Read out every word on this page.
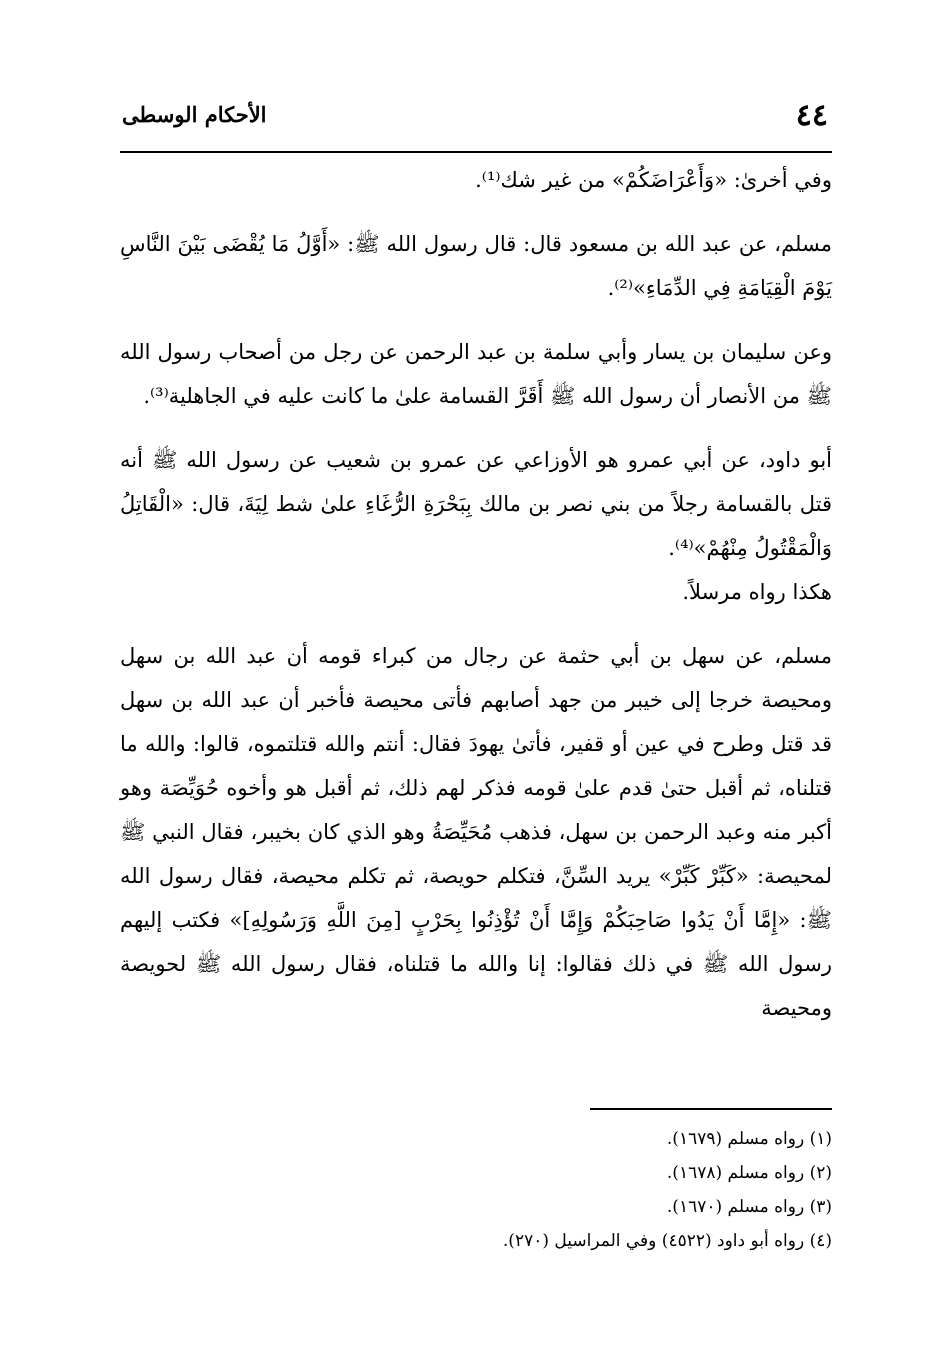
٤٤
الأحكام الوسطى

وفي أخرىٰ: «وَأَعْرَاضَكُمْ» من غير شك⁽¹⁾.

مسلم، عن عبد الله بن مسعود قال: قال رسول الله ﷺ: «أَوَّلُ مَا يُقْضَى بَيْنَ النَّاسِ يَوْمَ الْقِيَامَةِ فِي الدِّمَاءِ»⁽²⁾.

وعن سليمان بن يسار وأبي سلمة بن عبد الرحمن عن رجل من أصحاب رسول الله ﷺ من الأنصار أن رسول الله ﷺ أَقَرَّ القسامة علىٰ ما كانت عليه في الجاهلية⁽³⁾.

أبو داود، عن أبي عمرو هو الأوزاعي عن عمرو بن شعيب عن رسول الله ﷺ أنه قتل بالقسامة رجلاً من بني نصر بن مالك بِبَحْرَةِ الرُّغَاءِ علىٰ شط لِيَةَ، قال: «الْقَاتِلُ وَالْمَقْتُولُ مِنْهُمْ»⁽⁴⁾.

هكذا رواه مرسلاً.

مسلم، عن سهل بن أبي حثمة عن رجال من كبراء قومه أن عبد الله بن سهل ومحيصة خرجا إلى خيبر من جهد أصابهم فأتى محيصة فأخبر أن عبد الله بن سهل قد قتل وطرح في عين أو قفير، فأتىٰ يهودَ فقال: أنتم والله قتلتموه، قالوا: والله ما قتلناه، ثم أقبل حتىٰ قدم علىٰ قومه فذكر لهم ذلك، ثم أقبل هو وأخوه حُوَيِّصَة وهو أكبر منه وعبد الرحمن بن سهل، فذهب مُحَيِّصَةُ وهو الذي كان بخيبر، فقال النبي ﷺ لمحيصة: «كَبِّرْ كَبِّرْ» يريد السِّنَّ، فتكلم حويصة، ثم تكلم محيصة، فقال رسول الله ﷺ: «إِمَّا أَنْ يَدُوا صَاحِبَكُمْ وَإِمَّا أَنْ تُؤْذِنُوا بِحَرْبٍ [مِنَ اللَّهِ وَرَسُولِهِ]» فكتب إليهم رسول الله ﷺ في ذلك فقالوا: إنا والله ما قتلناه، فقال رسول الله ﷺ لحويصة ومحيصة

(١) رواه مسلم (١٦٧٩).

(٢) رواه مسلم (١٦٧٨).

(٣) رواه مسلم (١٦٧٠).

(٤) رواه أبو داود (٤٥٢٢) وفي المراسيل (٢٧٠).
